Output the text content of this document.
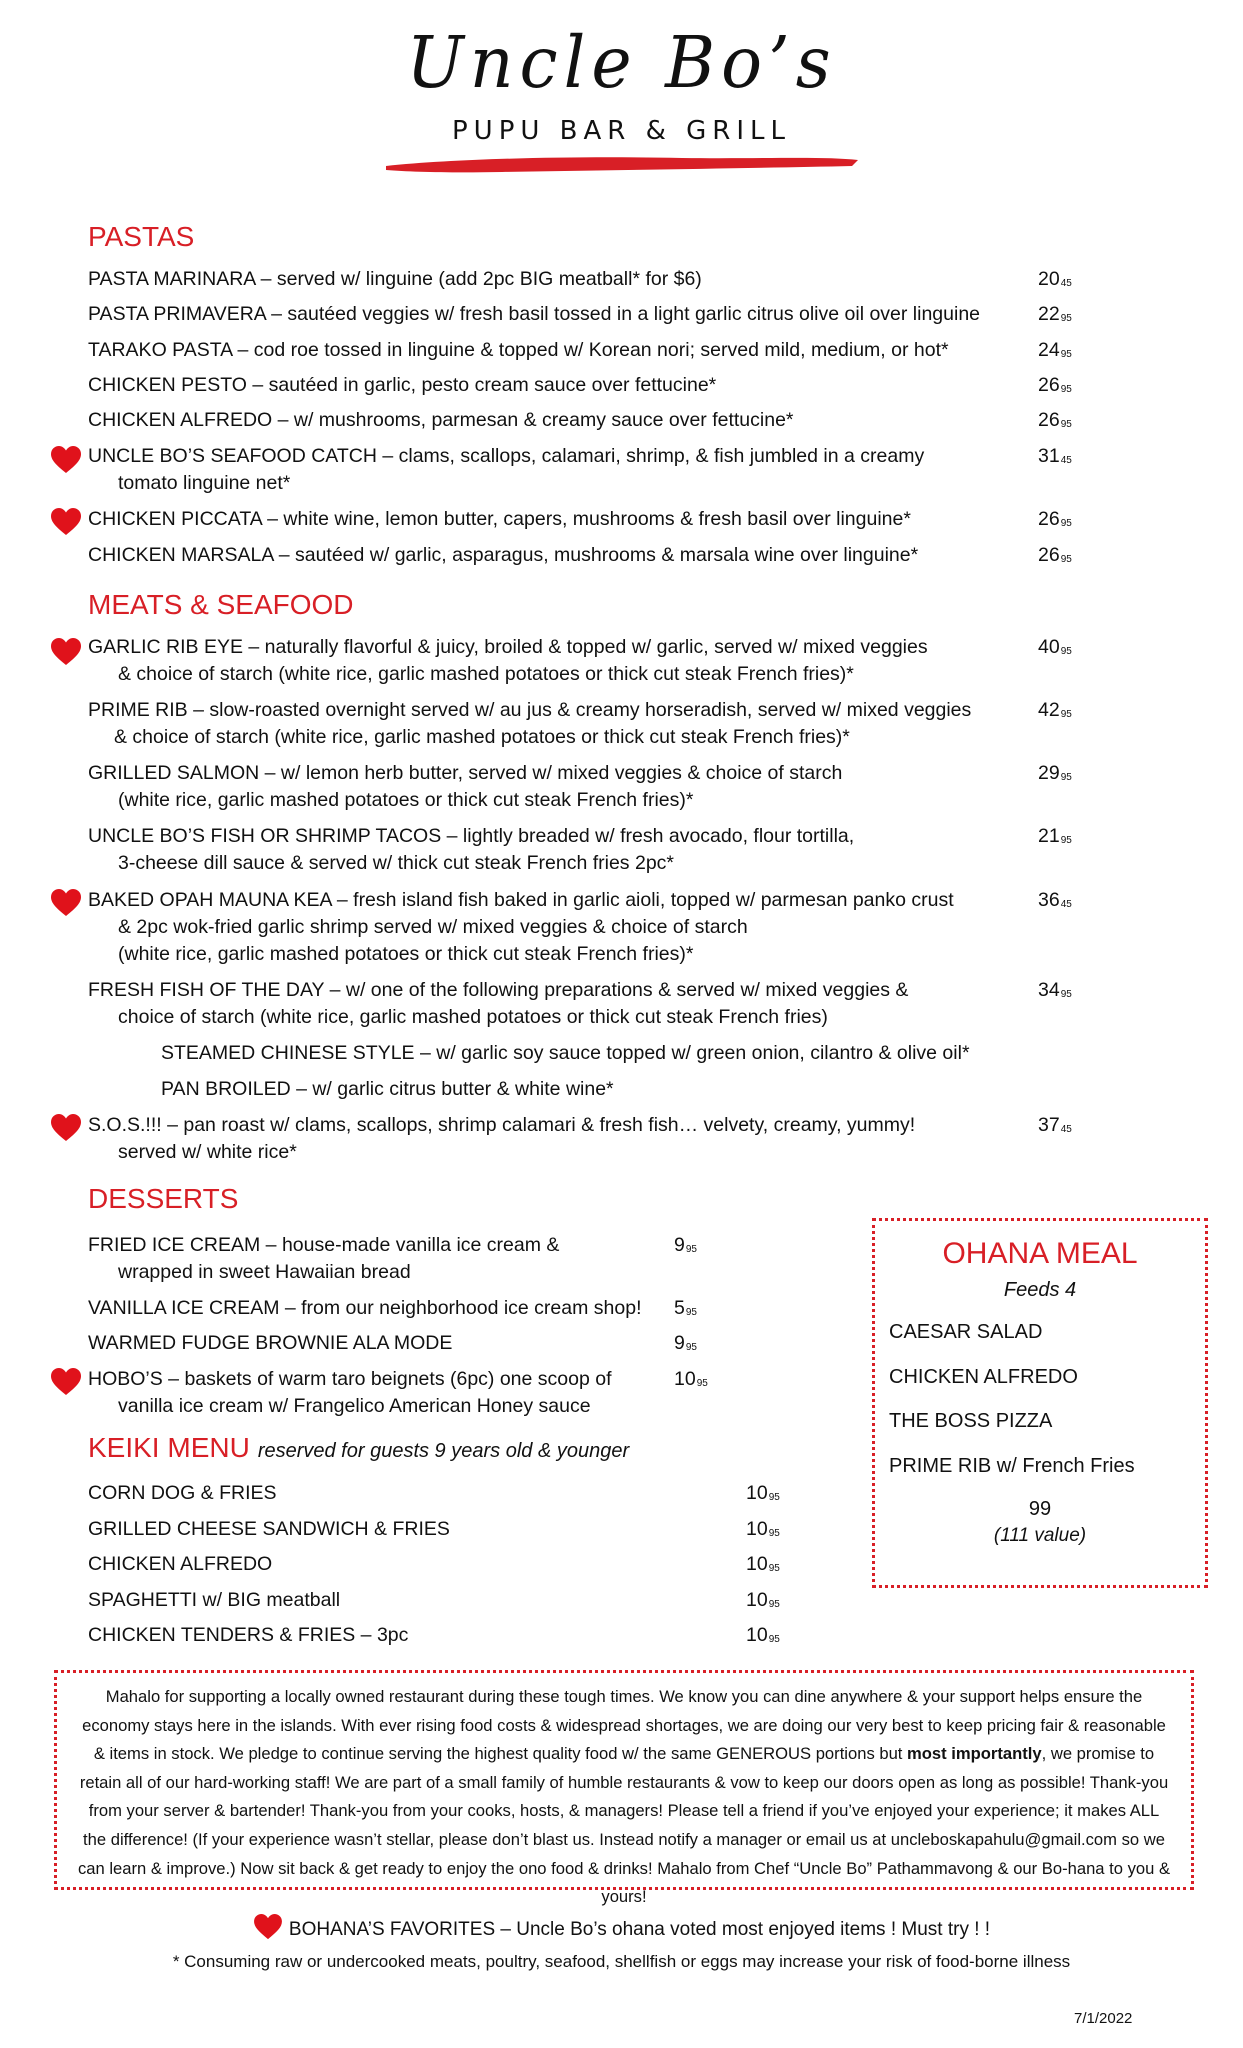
Uncle Bo’s
PUPU BAR & GRILL
PASTAS
PASTA MARINARA – served w/ linguine (add 2pc BIG meatball* for $6)	$20^{45}$
PASTA PRIMAVERA – sautéed veggies w/ fresh basil tossed in a light garlic citrus olive oil over linguine	$22^{95}$
TARAKO PASTA – cod roe tossed in linguine & topped w/ Korean nori; served mild, medium, or hot*	$24^{95}$
CHICKEN PESTO – sautéed in garlic, pesto cream sauce over fettucine*	$26^{95}$
CHICKEN ALFREDO – w/ mushrooms, parmesan & creamy sauce over fettucine*	$26^{95}$
UNCLE BO’S SEAFOOD CATCH – clams, scallops, calamari, shrimp, & fish jumbled in a creamy
tomato linguine net*
$31^{45}$
CHICKEN PICCATA – white wine, lemon butter, capers, mushrooms & fresh basil over linguine*	$26^{95}$
CHICKEN MARSALA – sautéed w/ garlic, asparagus, mushrooms & marsala wine over linguine*	$26^{95}$
MEATS & SEAFOOD
GARLIC RIB EYE – naturally flavorful & juicy, broiled & topped w/ garlic, served w/ mixed veggies
& choice of starch (white rice, garlic mashed potatoes or thick cut steak French fries)*
$40^{95}$
PRIME RIB – slow-roasted overnight served w/ au jus & creamy horseradish, served w/ mixed veggies
& choice of starch (white rice, garlic mashed potatoes or thick cut steak French fries)*
$42^{95}$
GRILLED SALMON – w/ lemon herb butter, served w/ mixed veggies & choice of starch
(white rice, garlic mashed potatoes or thick cut steak French fries)*
$29^{95}$
UNCLE BO’S FISH OR SHRIMP TACOS – lightly breaded w/ fresh avocado, flour tortilla,
3-cheese dill sauce & served w/ thick cut steak French fries 2pc*
$21^{95}$
BAKED OPAH MAUNA KEA – fresh island fish baked in garlic aioli, topped w/ parmesan panko crust
& 2pc wok-fried garlic shrimp served w/ mixed veggies & choice of starch
(white rice, garlic mashed potatoes or thick cut steak French fries)*
$36^{45}$
FRESH FISH OF THE DAY – w/ one of the following preparations & served w/ mixed veggies &
choice of starch (white rice, garlic mashed potatoes or thick cut steak French fries)
$34^{95}$
STEAMED CHINESE STYLE – w/ garlic soy sauce topped w/ green onion, cilantro & olive oil*
PAN BROILED – w/ garlic citrus butter & white wine*
S.O.S.!!! – pan roast w/ clams, scallops, shrimp calamari & fresh fish… velvety, creamy, yummy!
served w/ white rice*
$37^{45}$
DESSERTS
FRIED ICE CREAM – house-made vanilla ice cream &
wrapped in sweet Hawaiian bread
$9^{95}$
VANILLA ICE CREAM – from our neighborhood ice cream shop! $5^{95}$
WARMED FUDGE BROWNIE ALA MODE	$9^{95}$
HOBO’S – baskets of warm taro beignets (6pc) one scoop of
vanilla ice cream w/ Frangelico American Honey sauce
$10^{95}$
KEIKI MENU reserved for guests 9 years old & younger
CORN DOG & FRIES	$10^{95}$
GRILLED CHEESE SANDWICH & FRIES	$10^{95}$
CHICKEN ALFREDO	$10^{95}$
SPAGHETTI w/ BIG meatball	$10^{95}$
CHICKEN TENDERS & FRIES – 3pc	$10^{95}$
OHANA MEAL
Feeds 4
CAESAR SALAD
CHICKEN ALFREDO
THE BOSS PIZZA
PRIME RIB w/ French Fries
99
(111 value)
Mahalo for supporting a locally owned restaurant during these tough times. We know you can dine anywhere & your support helps ensure the economy stays here in the islands. With ever rising food costs & widespread shortages, we are doing our very best to keep pricing fair & reasonable & items in stock. We pledge to continue serving the highest quality food w/ the same GENEROUS portions but most importantly, we promise to retain all of our hard-working staff! We are part of a small family of humble restaurants & vow to keep our doors open as long as possible! Thank-you from your server & bartender! Thank-you from your cooks, hosts, & managers! Please tell a friend if you’ve enjoyed your experience; it makes ALL the difference! (If your experience wasn’t stellar, please don’t blast us. Instead notify a manager or email us at uncleboskapahulu@gmail.com so we can learn & improve.) Now sit back & get ready to enjoy the ono food & drinks! Mahalo from Chef “Uncle Bo” Pathammavong & our Bo-hana to you & yours!
BOHANA’S FAVORITES – Uncle Bo’s ohana voted most enjoyed items ! Must try ! !
* Consuming raw or undercooked meats, poultry, seafood, shellfish or eggs may increase your risk of food-borne illness
7/1/2022
